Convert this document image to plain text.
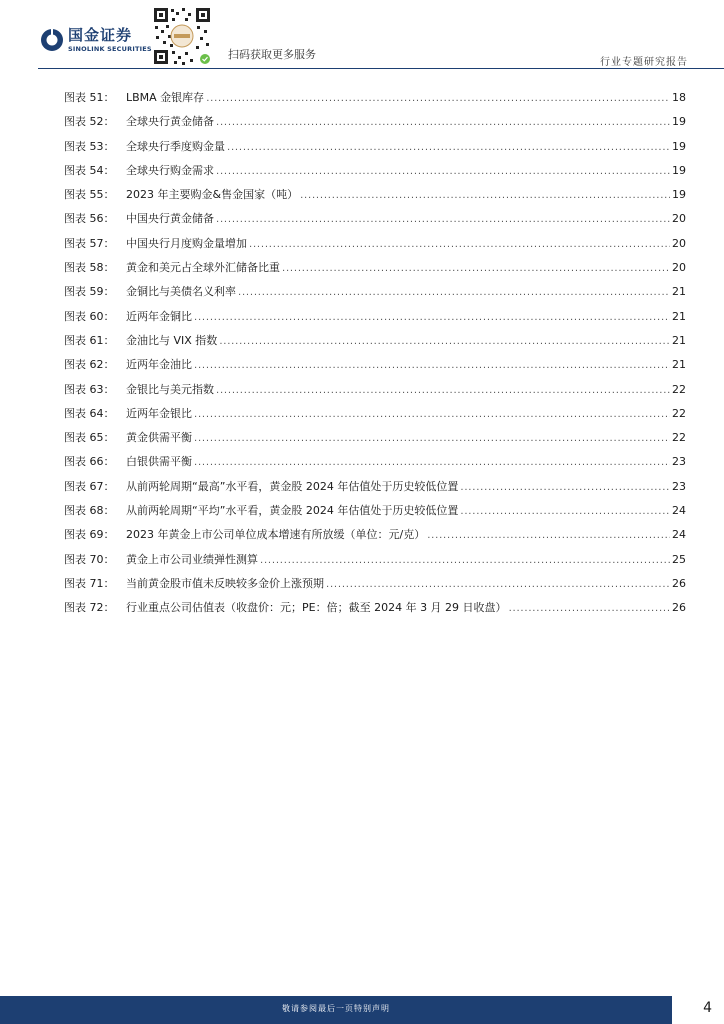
国金证券
SINOLINK SECURITIES	扫码获取更多服务
行业专题研究报告
图表 51：	LBMA 金银库存 . . .	18
图表 52：	全球央行黄金储备 . . .	19
图表 53：	全球央行季度购金量 . . .	19
图表 54：	全球央行购金需求 . . .	19
图表 55：	2023 年主要购金&售金国家（吨） . . .	19
图表 56：	中国央行黄金储备 . . .	20
图表 57：	中国央行月度购金量增加 . . .	20
图表 58：	黄金和美元占全球外汇储备比重 . . .	20
图表 59：	金铜比与美债名义利率 . . .	21
图表 60：	近两年金铜比 . . .	21
图表 61：	金油比与 VIX 指数 . . .	21
图表 62：	近两年金油比 . . .	21
图表 63：	金银比与美元指数 . . .	22
图表 64：	近两年金银比 . . .	22
图表 65：	黄金供需平衡 . . .	22
图表 66：	白银供需平衡 . . .	23
图表 67：	从前两轮周期“最高”水平看，黄金股 2024 年估值处于历史较低位置 . . .	23
图表 68：	从前两轮周期“平均”水平看，黄金股 2024 年估值处于历史较低位置 . . .	24
图表 69：	2023 年黄金上市公司单位成本增速有所放缓（单位：元/克） . . .	24
图表 70：	黄金上市公司业绩弹性测算 . . .	25
图表 71：	当前黄金股市值未反映较多金价上涨预期 . . .	26
图表 72：	行业重点公司估值表（收盘价：元；PE：倍；截至 2024 年 3 月 29 日收盘） . . .	26
敬请参阅最后一页特别声明	4
